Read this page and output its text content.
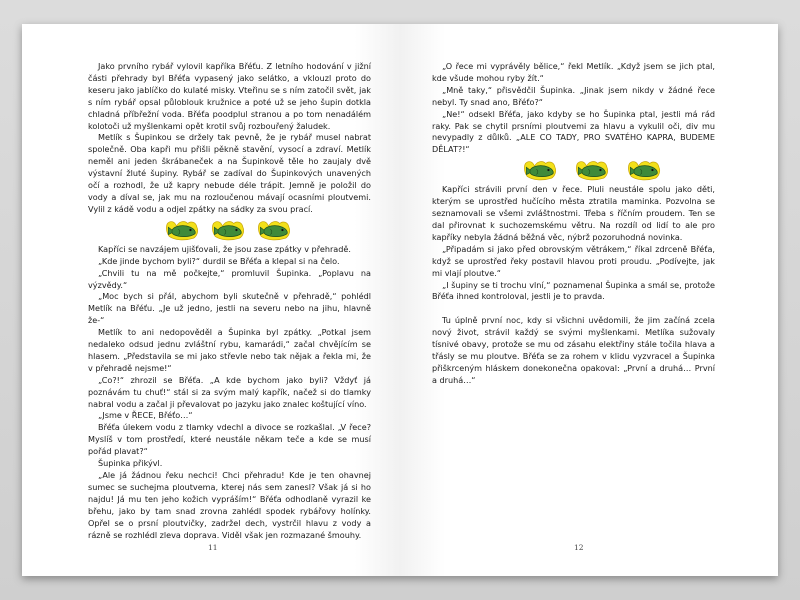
Jako prvního rybář vylovil kapříka Břéťu. Z letního hodování v jižní části přehrady byl Břéťa vypasený jako selátko, a vklouzl proto do keseru jako jablíčko do kulaté misky. Vteřinu se s ním zatočil svět, jak s ním rybář opsal půloblouk kružnice a poté už se jeho šupin dotkla chladná příbřežní voda. Břéťa poodplul stranou a po tom nenadálém kolotoči už myšlenkami opět krotil svůj rozbouřený žaludek.

Metlík s Šupinkou se držely tak pevně, že je rybář musel nabrat společně. Oba kapři mu přišli pěkně stavění, vysocí a zdraví. Metlík neměl ani jeden škrábaneček a na Šupinkově těle ho zaujaly dvě výstavní žluté šupiny. Rybář se zadíval do Šupinkových unavených očí a rozhodl, že už kapry nebude déle trápit. Jemně je položil do vody a díval se, jak mu na rozloučenou mávají ocasními ploutvemi. Vylil z kádě vodu a odjel zpátky na sádky za svou prací.

Kapříci se navzájem ujišťovali, že jsou zase zpátky v přehradě.

„Kde jinde bychom byli?“ durdil se Břéťa a klepal si na čelo.

„Chvili tu na mě počkejte,“ promluvil Šupinka. „Poplavu na výzvědy.“

„Moc bych si přál, abychom byli skutečně v přehradě,“ pohlédl Metlík na Břéťu. „Je už jedno, jestli na severu nebo na jihu, hlavně že-“

Metlík to ani nedopověděl a Šupinka byl zpátky. „Potkal jsem nedaleko odsud jednu zvláštní rybu, kamarádi,“ začal chvějícím se hlasem. „Představila se mi jako střevle nebo tak nějak a řekla mi, že v přehradě nejsme!“

„Co?!“ zhrozil se Břéťa. „A kde bychom jako byli? Vždyť já poznávám tu chuť!“ stál si za svým malý kapřík, načež si do tlamky nabral vodu a začal ji převalovat po jazyku jako znalec koštující víno.

„Jsme v ŘECE, Břéťo…“

Břéťa úlekem vodu z tlamky vdechl a divoce se rozkašlal. „V řece? Myslíš v tom prostředí, které neustále někam teče a kde se musí pořád plavat?“

Šupinka přikývl.

„Ale já žádnou řeku nechci! Chci přehradu! Kde je ten ohavnej sumec se suchejma ploutvema, kterej nás sem zanesl? Však já si ho najdu! Já mu ten jeho kožich vypráším!“ Břéťa odhodlaně vyrazil ke břehu, jako by tam snad zrovna zahlédl spodek rybářovy holínky. Opřel se o prsní ploutvičky, zadržel dech, vystrčil hlavu z vody a rázně se rozhlédl zleva doprava. Viděl však jen rozmazané šmouhy.

11

„O řece mi vyprávěly bělice,“ řekl Metlík. „Když jsem se jich ptal, kde všude mohou ryby žít.“

„Mně taky,“ přisvědčil Šupinka. „Jinak jsem nikdy v žádné řece nebyl. Ty snad ano, Břéťo?“

„Ne!“ odsekl Břéťa, jako kdyby se ho Šupinka ptal, jestli má rád raky. Pak se chytil prsními ploutvemi za hlavu a vykulil oči, div mu nevypadly z důlků. „ALE CO TADY, PRO SVATÉHO KAPRA, BUDEME DĚLAT?!“

Kapříci strávili první den v řece. Pluli neustále spolu jako děti, kterým se uprostřed hučícího města ztratila maminka. Pozvolna se seznamovali se všemi zvláštnostmi. Třeba s říčním proudem. Ten se dal přirovnat k suchozemskému větru. Na rozdíl od lidí to ale pro kapříky nebyla žádná běžná věc, nýbrž pozoruhodná novinka.

„Připadám si jako před obrovským větrákem,“ říkal zdrceně Břéťa, když se uprostřed řeky postavil hlavou proti proudu. „Podívejte, jak mi vlají ploutve.“

„I šupiny se ti trochu vlní,“ poznamenal Šupinka a smál se, protože Břéťa ihned kontroloval, jestli je to pravda.

Tu úplně první noc, kdy si všichni uvědomili, že jim začíná zcela nový život, strávil každý se svými myšlenkami. Metlíka sužovaly tísnivé obavy, protože se mu od zásahu elektřiny stále točila hlava a třásly se mu ploutve. Břéťa se za rohem v klidu vyzvracel a Šupinka přiškrceným hláskem donekonečna opakoval: „První a druhá… První a druhá…“

12
